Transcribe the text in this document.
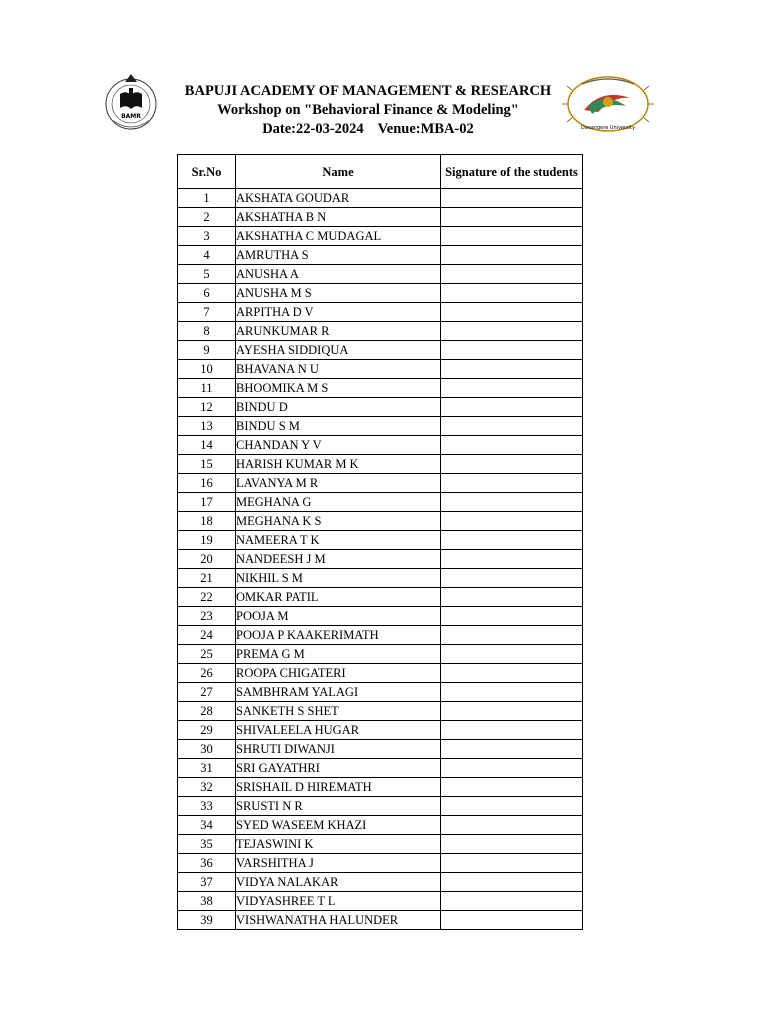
BAMR
BAPUJI ACADEMY OF MANAGEMENT & RESEARCH
Workshop on "Behavioral Finance & Modeling"
Date:22-03-2024 Venue:MBA-02	Davangere University
Sr.No	Name	Signature of the students
1	AKSHATA GOUDAR	
2	AKSHATHA B N	
3	AKSHATHA C MUDAGAL	
4	AMRUTHA S	
5	ANUSHA A	
6	ANUSHA M S	
7	ARPITHA D V	
8	ARUNKUMAR R	
9	AYESHA SIDDIQUA	
10	BHAVANA N U	
11	BHOOMIKA M S	
12	BINDU D	
13	BINDU S M	
14	CHANDAN Y V	
15	HARISH KUMAR M K	
16	LAVANYA M R	
17	MEGHANA G	
18	MEGHANA K S	
19	NAMEERA T K	
20	NANDEESH J M	
21	NIKHIL S M	
22	OMKAR PATIL	
23	POOJA M	
24	POOJA P KAAKERIMATH	
25	PREMA G M	
26	ROOPA CHIGATERI	
27	SAMBHRAM YALAGI	
28	SANKETH S SHET	
29	SHIVALEELA HUGAR	
30	SHRUTI DIWANJI	
31	SRI GAYATHRI	
32	SRISHAIL D HIREMATH	
33	SRUSTI N R	
34	SYED WASEEM KHAZI	
35	TEJASWINI K	
36	VARSHITHA J	
37	VIDYA NALAKAR	
38	VIDYASHREE T L	
39	VISHWANATHA HALUNDER	
